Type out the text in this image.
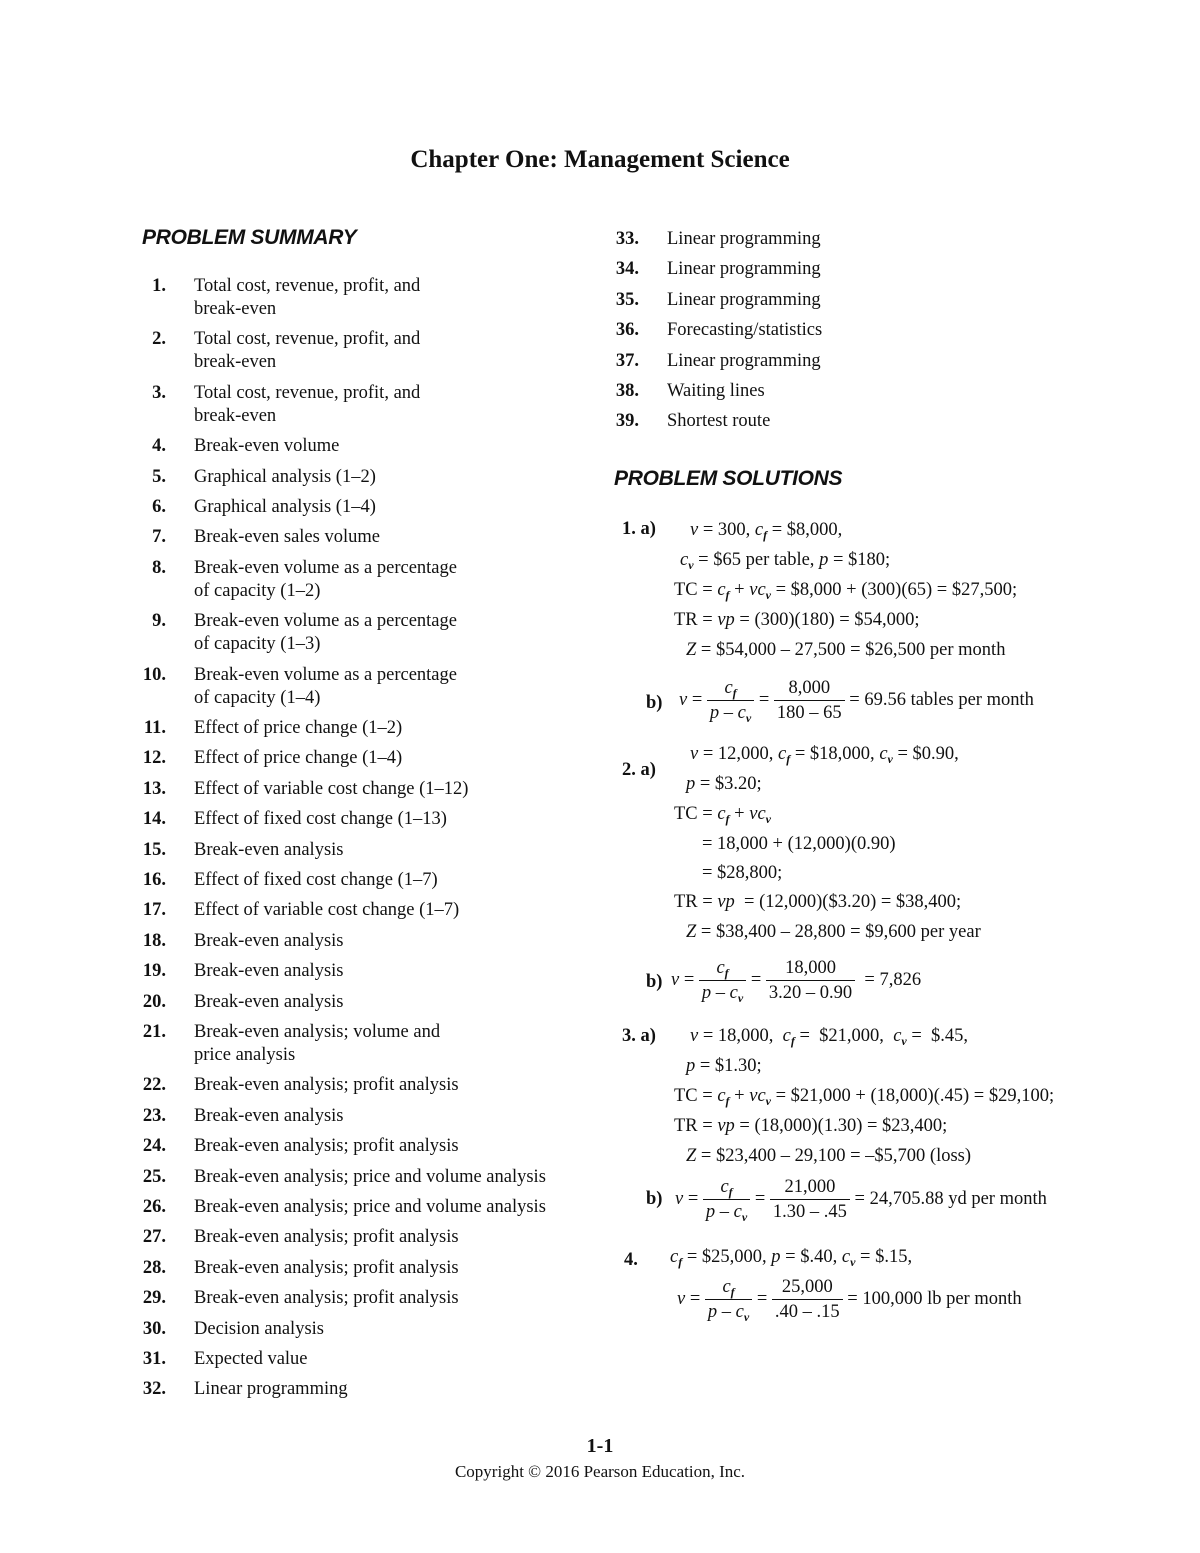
Chapter One: Management Science
PROBLEM SUMMARY
1. Total cost, revenue, profit, and
break-even
2. Total cost, revenue, profit, and
break-even
3. Total cost, revenue, profit, and
break-even
4. Break-even volume
5. Graphical analysis (1–2)
6. Graphical analysis (1–4)
7. Break-even sales volume
8. Break-even volume as a percentage
of capacity (1–2)
9. Break-even volume as a percentage
of capacity (1–3)
10. Break-even volume as a percentage
of capacity (1–4)
11. Effect of price change (1–2)
12. Effect of price change (1–4)
13. Effect of variable cost change (1–12)
14. Effect of fixed cost change (1–13)
15. Break-even analysis
16. Effect of fixed cost change (1–7)
17. Effect of variable cost change (1–7)
18. Break-even analysis
19. Break-even analysis
20. Break-even analysis
21. Break-even analysis; volume and
price analysis
22. Break-even analysis; profit analysis
23. Break-even analysis
24. Break-even analysis; profit analysis
25. Break-even analysis; price and volume analysis
26. Break-even analysis; price and volume analysis
27. Break-even analysis; profit analysis
28. Break-even analysis; profit analysis
29. Break-even analysis; profit analysis
30. Decision analysis
31. Expected value
32. Linear programming
33. Linear programming
34. Linear programming
35. Linear programming
36. Forecasting/statistics
37. Linear programming
38. Waiting lines
39. Shortest route
PROBLEM SOLUTIONS
1. a) v = 300, $c_f$ = $8,000,
$c_v$ = $65 per table, p = $180;
TC = $c_f + vc_v$ = $8,000 + (300)(65) = $27,500;
TR = vp = (300)(180) = $54,000;
Z = $54,000 – 27,500 = $26,500 per month
b) $v = \frac{c_f}{p - c_v} = \frac{8,000}{180 - 65} = 69.56$ tables per month
v = 12,000, $c_f$ = $18,000, $c_v$ = $0.90,
2. a)
p = $3.20;
TC = $c_f + vc_v$
= 18,000 + (12,000)(0.90)
= $28,800;
TR = vp  = (12,000)($3.20) = $38,400;
Z = $38,400 – 28,800 = $9,600 per year
b) $v = \frac{c_f}{p - c_v} = \frac{18,000}{3.20 - 0.90} = 7,826$
3. a) v = 18,000,  $c_f$ =  $21,000,  $c_v$ =  $.45,
p = $1.30;
TC = $c_f + vc_v$ = $21,000 + (18,000)(.45) = $29,100;
TR = vp = (18,000)(1.30) = $23,400;
Z = $23,400 – 29,100 = –$5,700 (loss)
b) $v = \frac{c_f}{p - c_v} = \frac{21,000}{1.30 - .45} = 24,705.88$ yd per month
4. $c_f$ = $25,000, p = $.40, $c_v$ = $.15,
$v = \frac{c_f}{p - c_v} = \frac{25,000}{.40 - .15} = 100,000$ lb per month
1-1
Copyright © 2016 Pearson Education, Inc.
